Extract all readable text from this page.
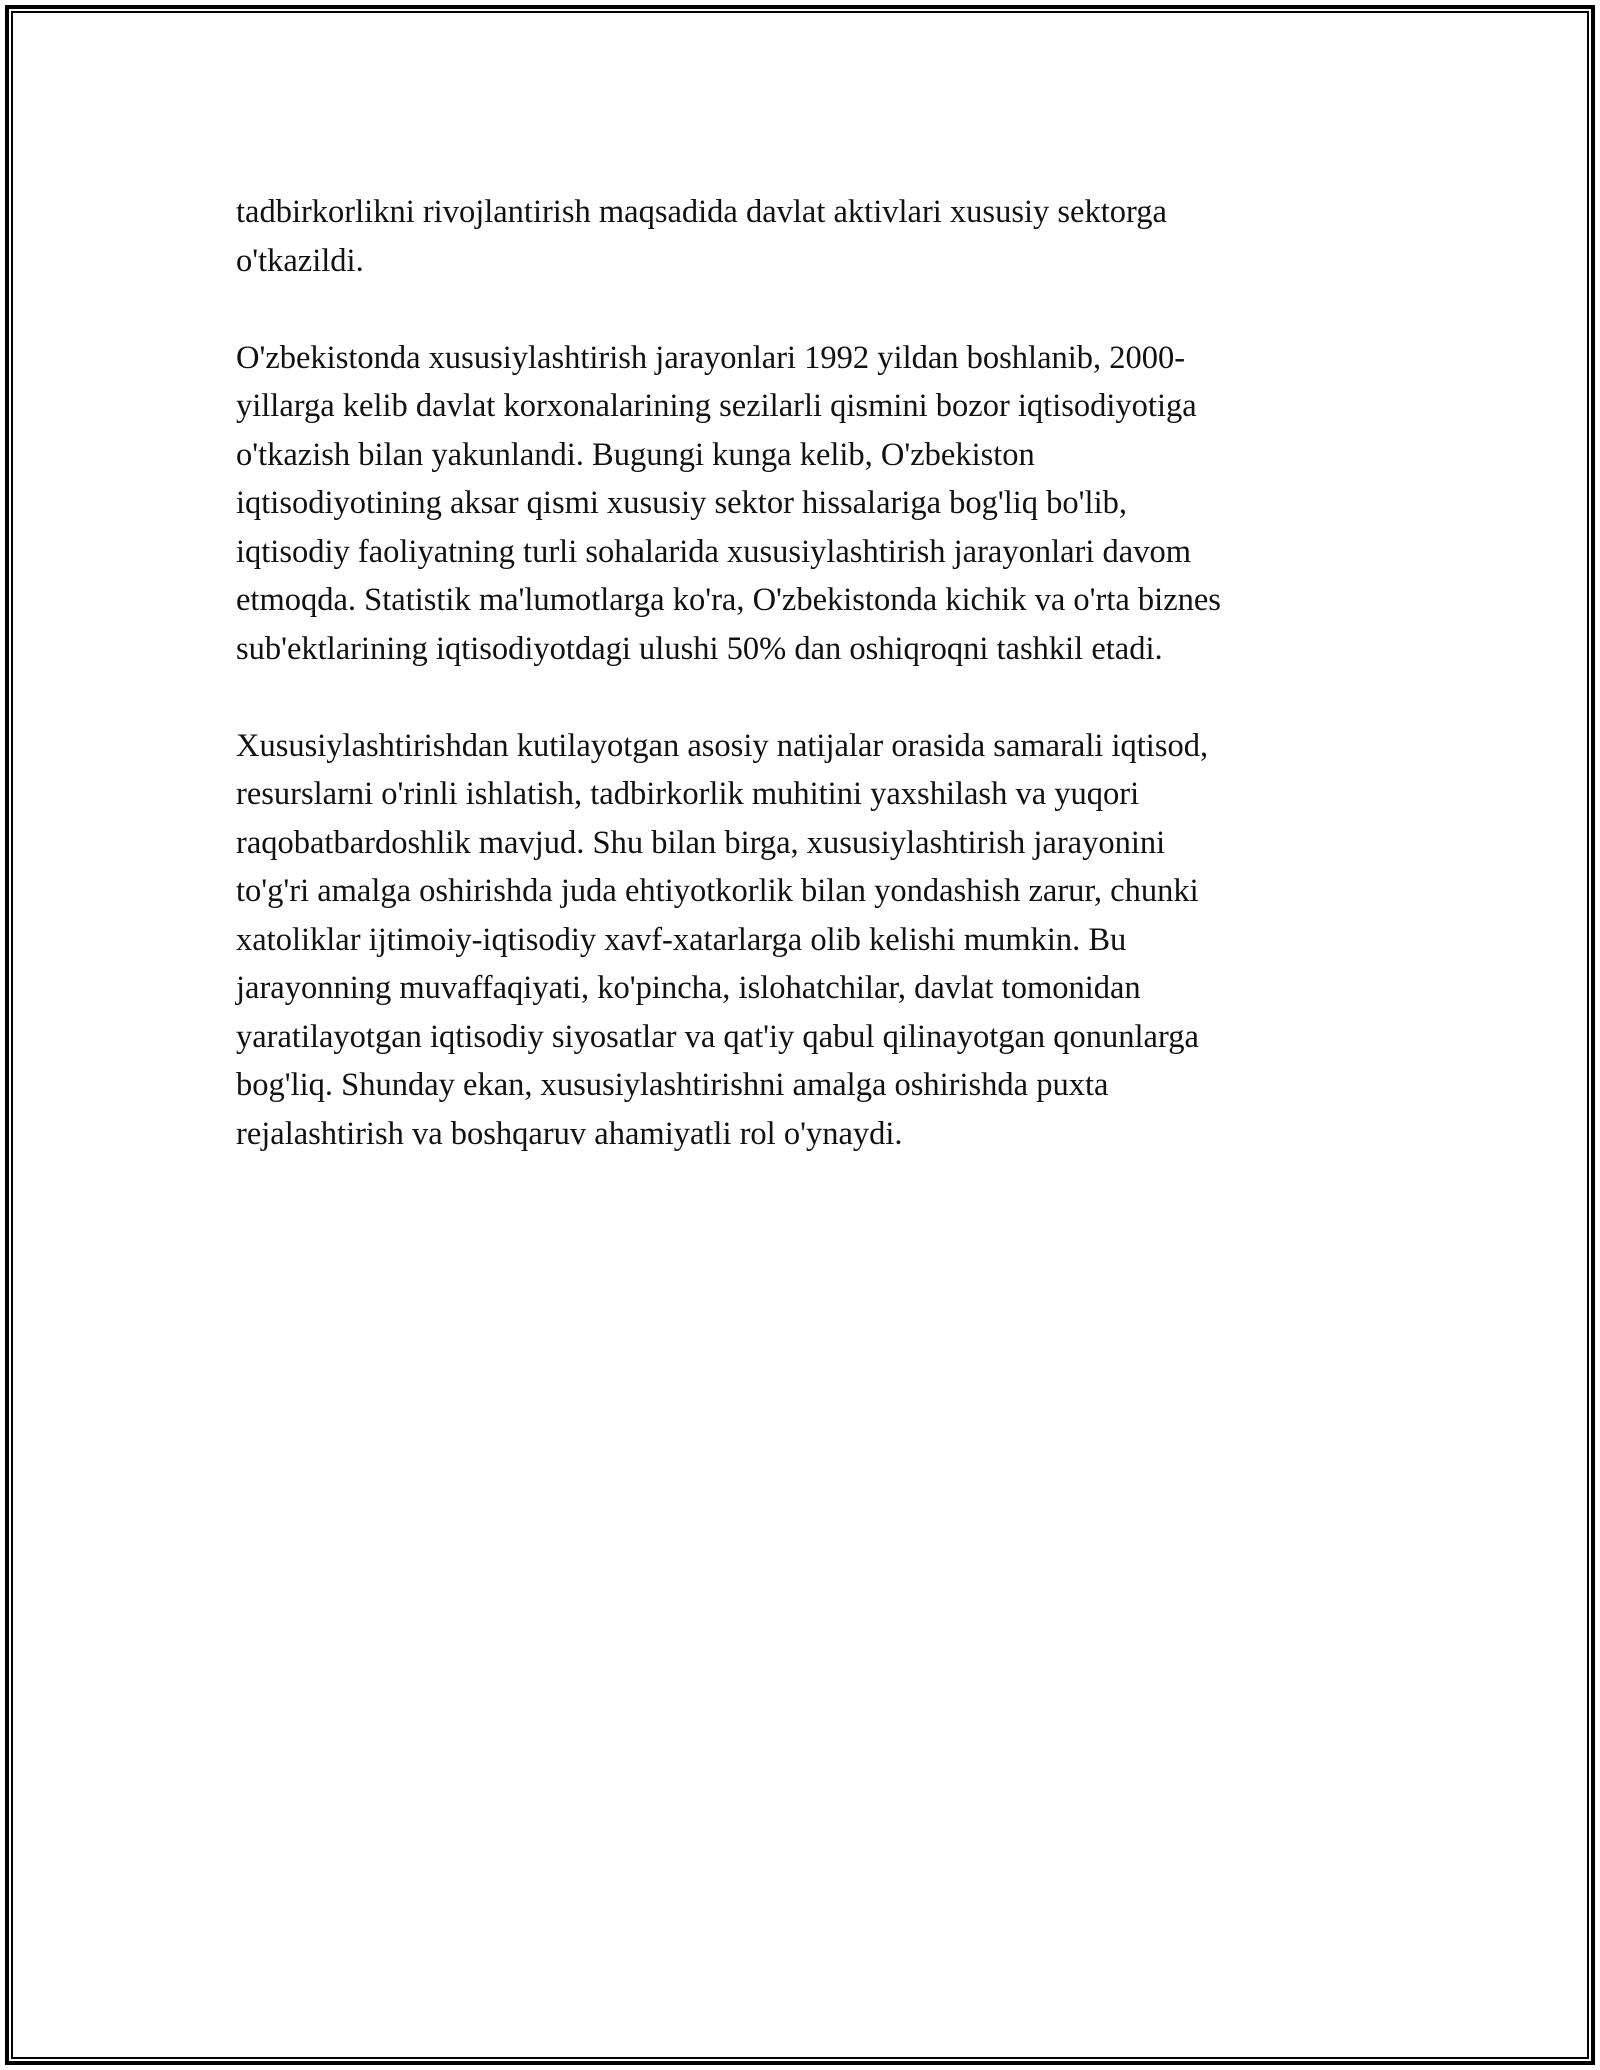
tadbirkorlikni rivojlantirish maqsadida davlat aktivlari xususiy sektorga
o'tkazildi.

O'zbekistonda xususiylashtirish jarayonlari 1992 yildan boshlanib, 2000-
yillarga kelib davlat korxonalarining sezilarli qismini bozor iqtisodiyotiga
o'tkazish bilan yakunlandi. Bugungi kunga kelib, O'zbekiston
iqtisodiyotining aksar qismi xususiy sektor hissalariga bog'liq bo'lib,
iqtisodiy faoliyatning turli sohalarida xususiylashtirish jarayonlari davom
etmoqda. Statistik ma'lumotlarga ko'ra, O'zbekistonda kichik va o'rta biznes
sub'ektlarining iqtisodiyotdagi ulushi 50% dan oshiqroqni tashkil etadi.

Xususiylashtirishdan kutilayotgan asosiy natijalar orasida samarali iqtisod,
resurslarni o'rinli ishlatish, tadbirkorlik muhitini yaxshilash va yuqori
raqobatbardoshlik mavjud. Shu bilan birga, xususiylashtirish jarayonini
to'g'ri amalga oshirishda juda ehtiyotkorlik bilan yondashish zarur, chunki
xatoliklar ijtimoiy-iqtisodiy xavf-xatarlarga olib kelishi mumkin. Bu
jarayonning muvaffaqiyati, ko'pincha, islohatchilar, davlat tomonidan
yaratilayotgan iqtisodiy siyosatlar va qat'iy qabul qilinayotgan qonunlarga
bog'liq. Shunday ekan, xususiylashtirishni amalga oshirishda puxta
rejalashtirish va boshqaruv ahamiyatli rol o'ynaydi.
